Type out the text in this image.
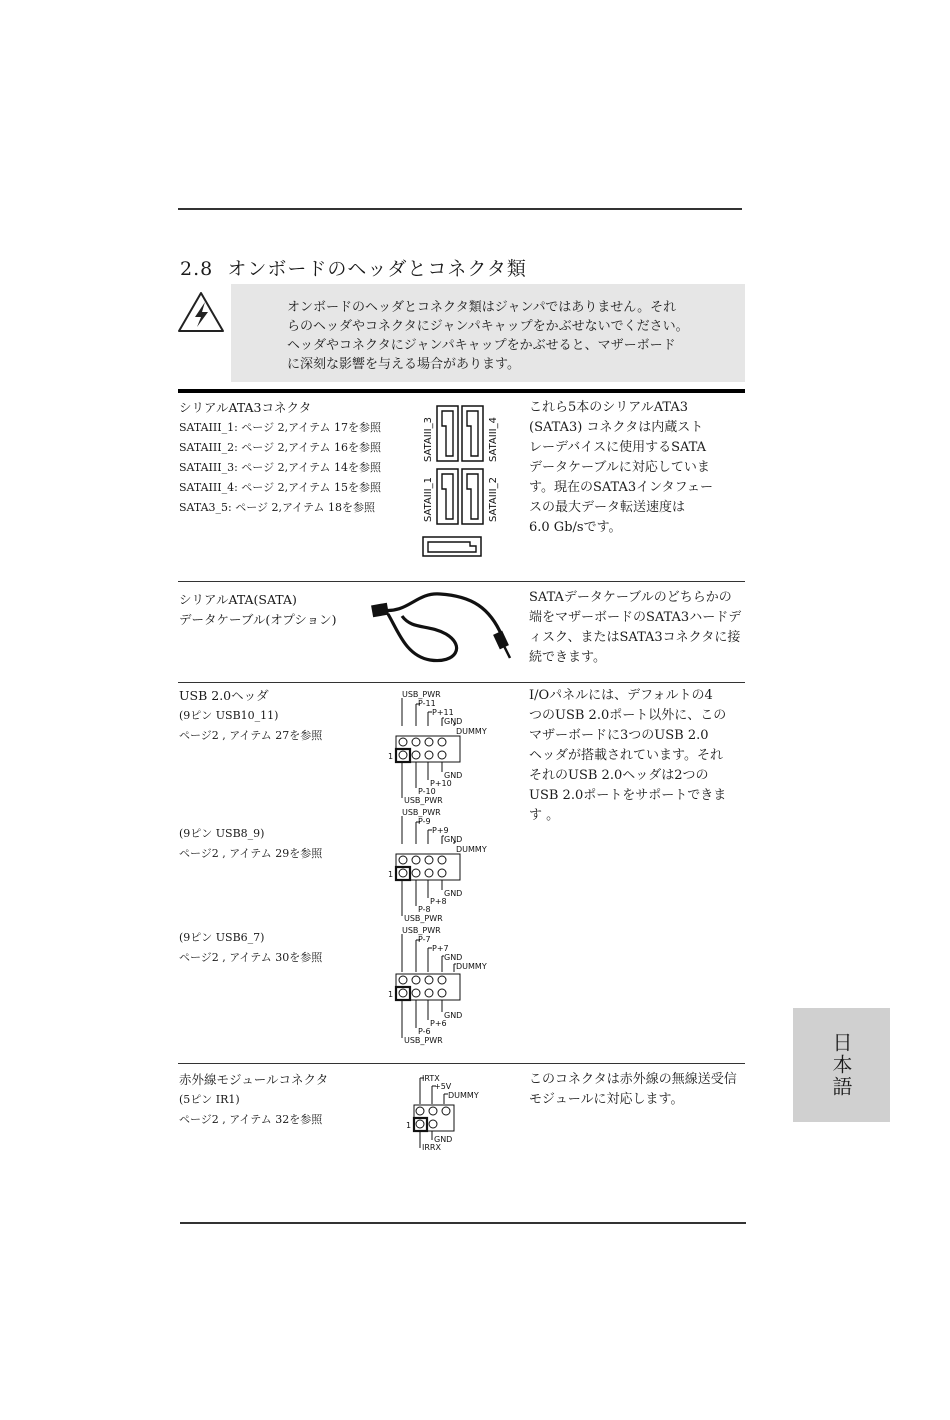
2.8 オンボードのヘッダとコネクタ類
オンボードのヘッダとコネクタ類はジャンパではありません。それ
らのヘッダやコネクタにジャンパキャップをかぶせないでください。
ヘッダやコネクタにジャンパキャップをかぶせると、マザーボード
に深刻な影響を与える場合があります。
シリアルATA3コネクタ
SATAIII_1: ページ 2,アイテム 17を参照
SATAIII_2: ページ 2,アイテム 16を参照
SATAIII_3: ページ 2,アイテム 14を参照
SATAIII_4: ページ 2,アイテム 15を参照
SATA3_5: ページ 2,アイテム 18を参照
SATAIII_3	SATAIII_4
SATAIII_1	SATAIII_2
これら5本のシリアルATA3
(SATA3) コネクタは内蔵スト
レーデバイスに使用するSATA
データケーブルに対応していま
す。現在のSATA3インタフェー
スの最大データ転送速度は
6.0 Gb/sです。
シリアルATA(SATA)
データケーブル(オプション)
SATAデータケーブルのどちらかの
端をマザーボードのSATA3ハードデ
ィスク、またはSATA3コネクタに接
続できます。
USB 2.0ヘッダ
(9ピン USB10_11)
ページ2 , アイテム 27を参照
(9ピン USB8_9)
ページ2 , アイテム 29を参照
(9ピン USB6_7)
ページ2 , アイテム 30を参照
USB_PWR
P-11
P+11
GND
DUMMY
GND
P+10
P-10
USB_PWR
1
USB_PWR
P-9
P+9
GND
DUMMY
GND
P+8
P-8
USB_PWR
1
USB_PWR
P-7
P+7
GND
DUMMY
GND
P+6
P-6
USB_PWR
1
I/Oパネルには、デフォルトの4
つのUSB 2.0ポート以外に、この
マザーボードに3つのUSB 2.0
ヘッダが搭載されています。それ
それのUSB 2.0ヘッダは2つの
USB 2.0ポートをサポートできま
す 。
赤外線モジュールコネクタ
(5ピン IR1)
ページ2 , アイテム 32を参照
IRTX
+5V
DUMMY
GND
IRRX
1
このコネクタは赤外線の無線送受信
モジュールに対応します。
日本語
